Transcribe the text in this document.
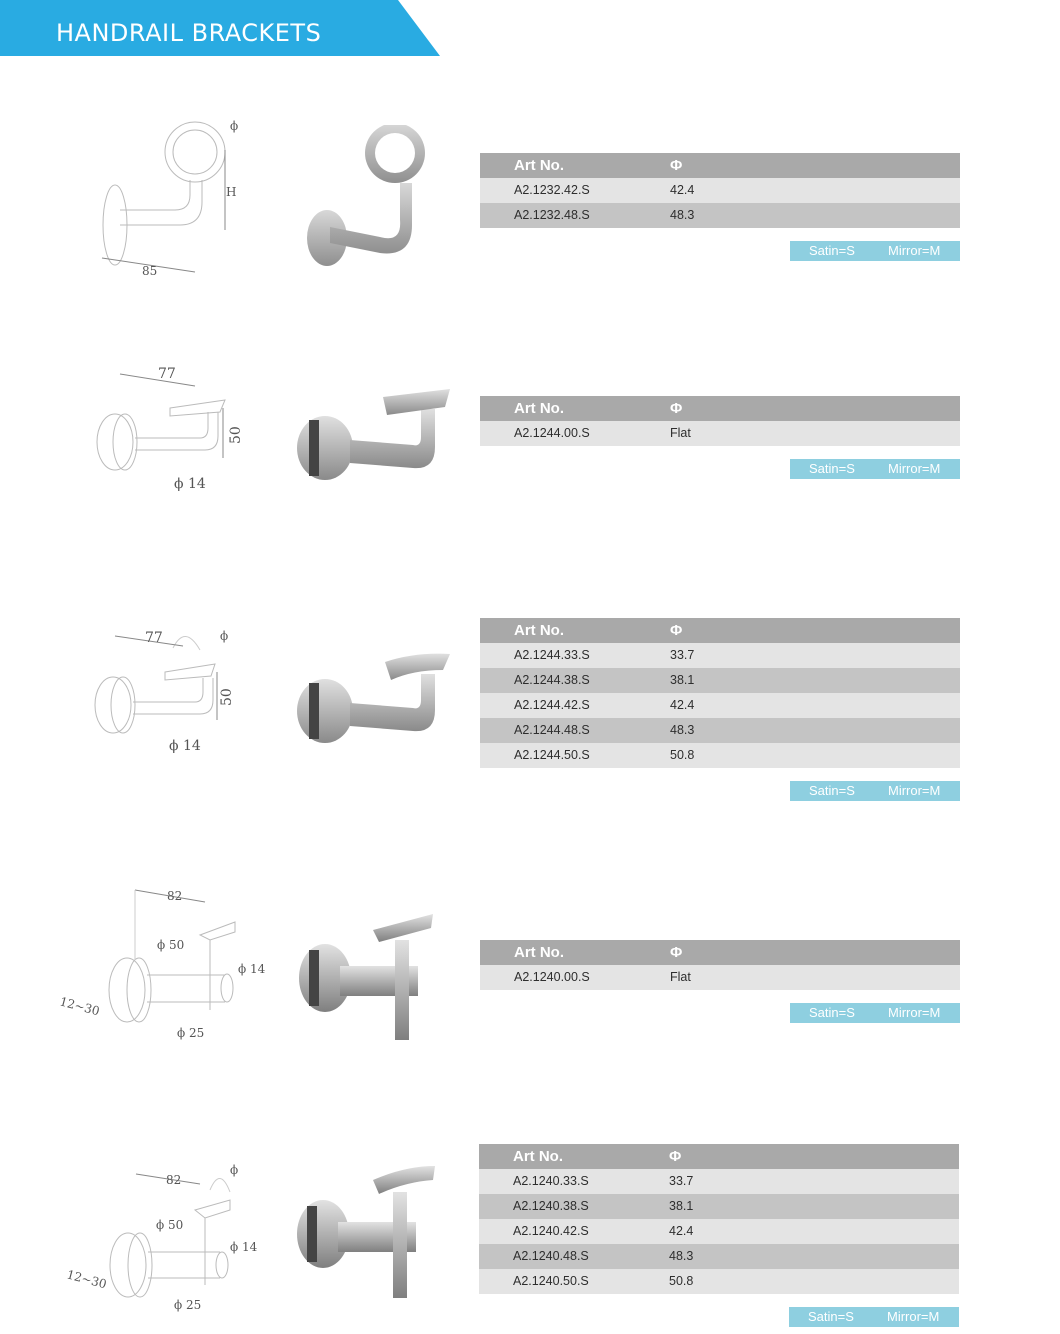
HANDRAIL BRACKETS
ϕ
H
85
Art No.	Φ
A2.1232.42.S	42.4
A2.1232.48.S	48.3
Satin=S	Mirror=M
77
50
ϕ 14
Art No.	Φ
A2.1244.00.S	Flat
Satin=S	Mirror=M
77	ϕ
50
ϕ 14
Art No.	Φ
A2.1244.33.S	33.7
A2.1244.38.S	38.1
A2.1244.42.S	42.4
A2.1244.48.S	48.3
A2.1244.50.S	50.8
Satin=S	Mirror=M
82
ϕ 50
ϕ 14
12~30
ϕ 25
Art No.	Φ
A2.1240.00.S	Flat
Satin=S	Mirror=M
82
ϕ
ϕ 50
ϕ 14
12~30
ϕ 25
Art No.	Φ
A2.1240.33.S	33.7
A2.1240.38.S	38.1
A2.1240.42.S	42.4
A2.1240.48.S	48.3
A2.1240.50.S	50.8
Satin=S	Mirror=M
